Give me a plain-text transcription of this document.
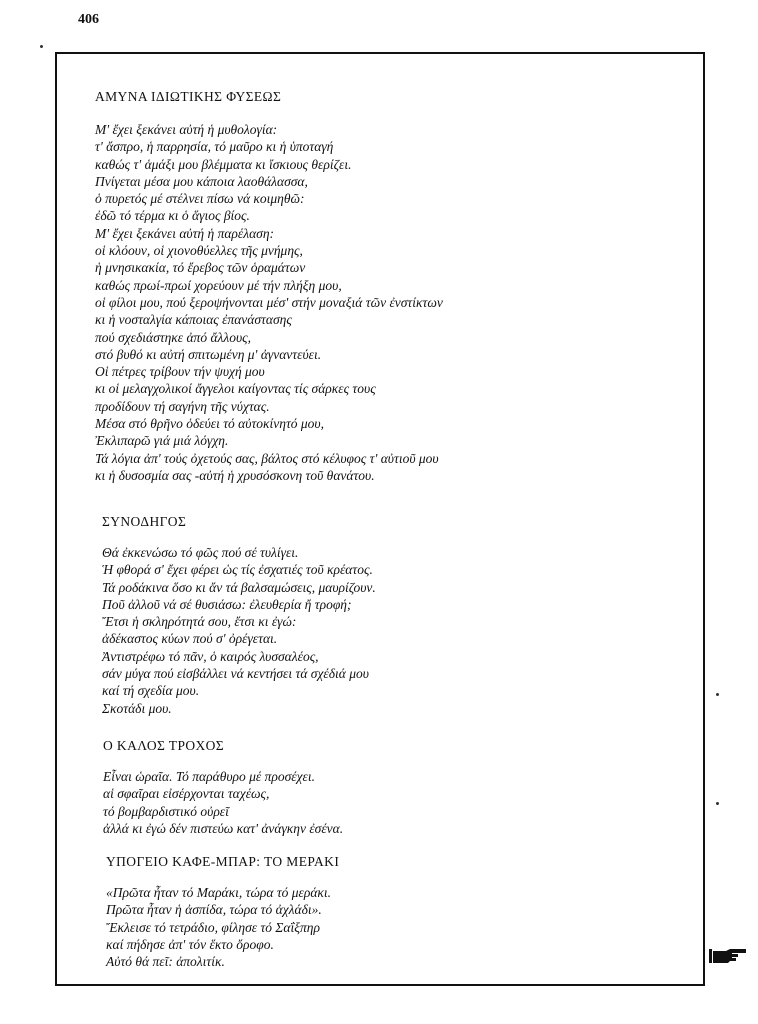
406
ΑΜΥΝΑ ΙΔΙΩΤΙΚΗΣ ΦΥΣΕΩΣ
Μ' ἔχει ξεκάνει αὐτή ἡ μυθολογία:
τ' ἄσπρο, ἡ παρρησία, τό μαῦρο κι ἡ ὑποταγή
καθώς τ' ἁμάξι μου βλέμματα κι ἴσκιους θερίζει.
Πνίγεται μέσα μου κάποια λαοθάλασσα,
ὁ πυρετός μέ στέλνει πίσω νά κοιμηθῶ:
ἐδῶ τό τέρμα κι ὁ ἅγιος βίος.
Μ' ἔχει ξεκάνει αὐτή ἡ παρέλαση:
οἱ κλόουν, οἱ χιονοθύελλες τῆς μνήμης,
ἡ μνησικακία, τό ἔρεβος τῶν ὁραμάτων
καθώς πρωί-πρωί χορεύουν μέ τήν πλήξη μου,
οἱ φίλοι μου, πού ξεροψήνονται μέσ' στήν μοναξιά τῶν ἐνστίκτων
κι ἡ νοσταλγία κάποιας ἐπανάστασης
πού σχεδιάστηκε ἀπό ἄλλους,
στό βυθό κι αὐτή σπιτωμένη μ' ἀγναντεύει.
Οἱ πέτρες τρίβουν τήν ψυχή μου
κι οἱ μελαγχολικοί ἄγγελοι καίγοντας τίς σάρκες τους
προδίδουν τή σαγήνη τῆς νύχτας.
Μέσα στό θρῆνο ὁδεύει τό αὐτοκίνητό μου,
Ἐκλιπαρῶ γιά μιά λόγχη.
Τά λόγια ἀπ' τούς ὀχετούς σας, βάλτος στό κέλυφος τ' αὐτιοῦ μου
κι ἡ δυσοσμία σας -αὐτή ἡ χρυσόσκονη τοῦ θανάτου.
ΣΥΝΟΔΗΓΟΣ
Θά ἐκκενώσω τό φῶς πού σέ τυλίγει.
Ἡ φθορά σ' ἔχει φέρει ὡς τίς ἐσχατιές τοῦ κρέατος.
Τά ροδάκινα ὅσο κι ἄν τά βαλσαμώσεις, μαυρίζουν.
Ποῦ ἀλλοῦ νά σέ θυσιάσω: ἐλευθερία ἤ τροφή;
Ἔτσι ἡ σκληρότητά σου, ἔτσι κι ἐγώ:
ἀδέκαστος κύων πού σ' ὀρέγεται.
Ἀντιστρέφω τό πᾶν, ὁ καιρός λυσσαλέος,
σάν μύγα πού εἰσβάλλει νά κεντήσει τά σχέδιά μου
καί τή σχεδία μου.
Σκοτάδι μου.
Ο ΚΑΛΟΣ ΤΡΟΧΟΣ
Εἶναι ὡραῖα. Τό παράθυρο μέ προσέχει.
αἱ σφαῖραι εἰσέρχονται ταχέως,
τό βομβαρδιστικό οὐρεῖ
ἀλλά κι ἐγώ δέν πιστεύω κατ' ἀνάγκην ἐσένα.
ΥΠΟΓΕΙΟ ΚΑΦΕ-ΜΠΑΡ: ΤΟ ΜΕΡΑΚΙ
«Πρῶτα ἦταν τό Μαράκι, τώρα τό μεράκι.
Πρῶτα ἦταν ἡ ἀσπίδα, τώρα τό ἀχλάδι».
Ἔκλεισε τό τετράδιο, φίλησε τό Σαΐξπηρ
καί πήδησε ἀπ' τόν ἕκτο ὄροφο.
Αὐτό θά πεῖ: ἀπολιτίκ.
